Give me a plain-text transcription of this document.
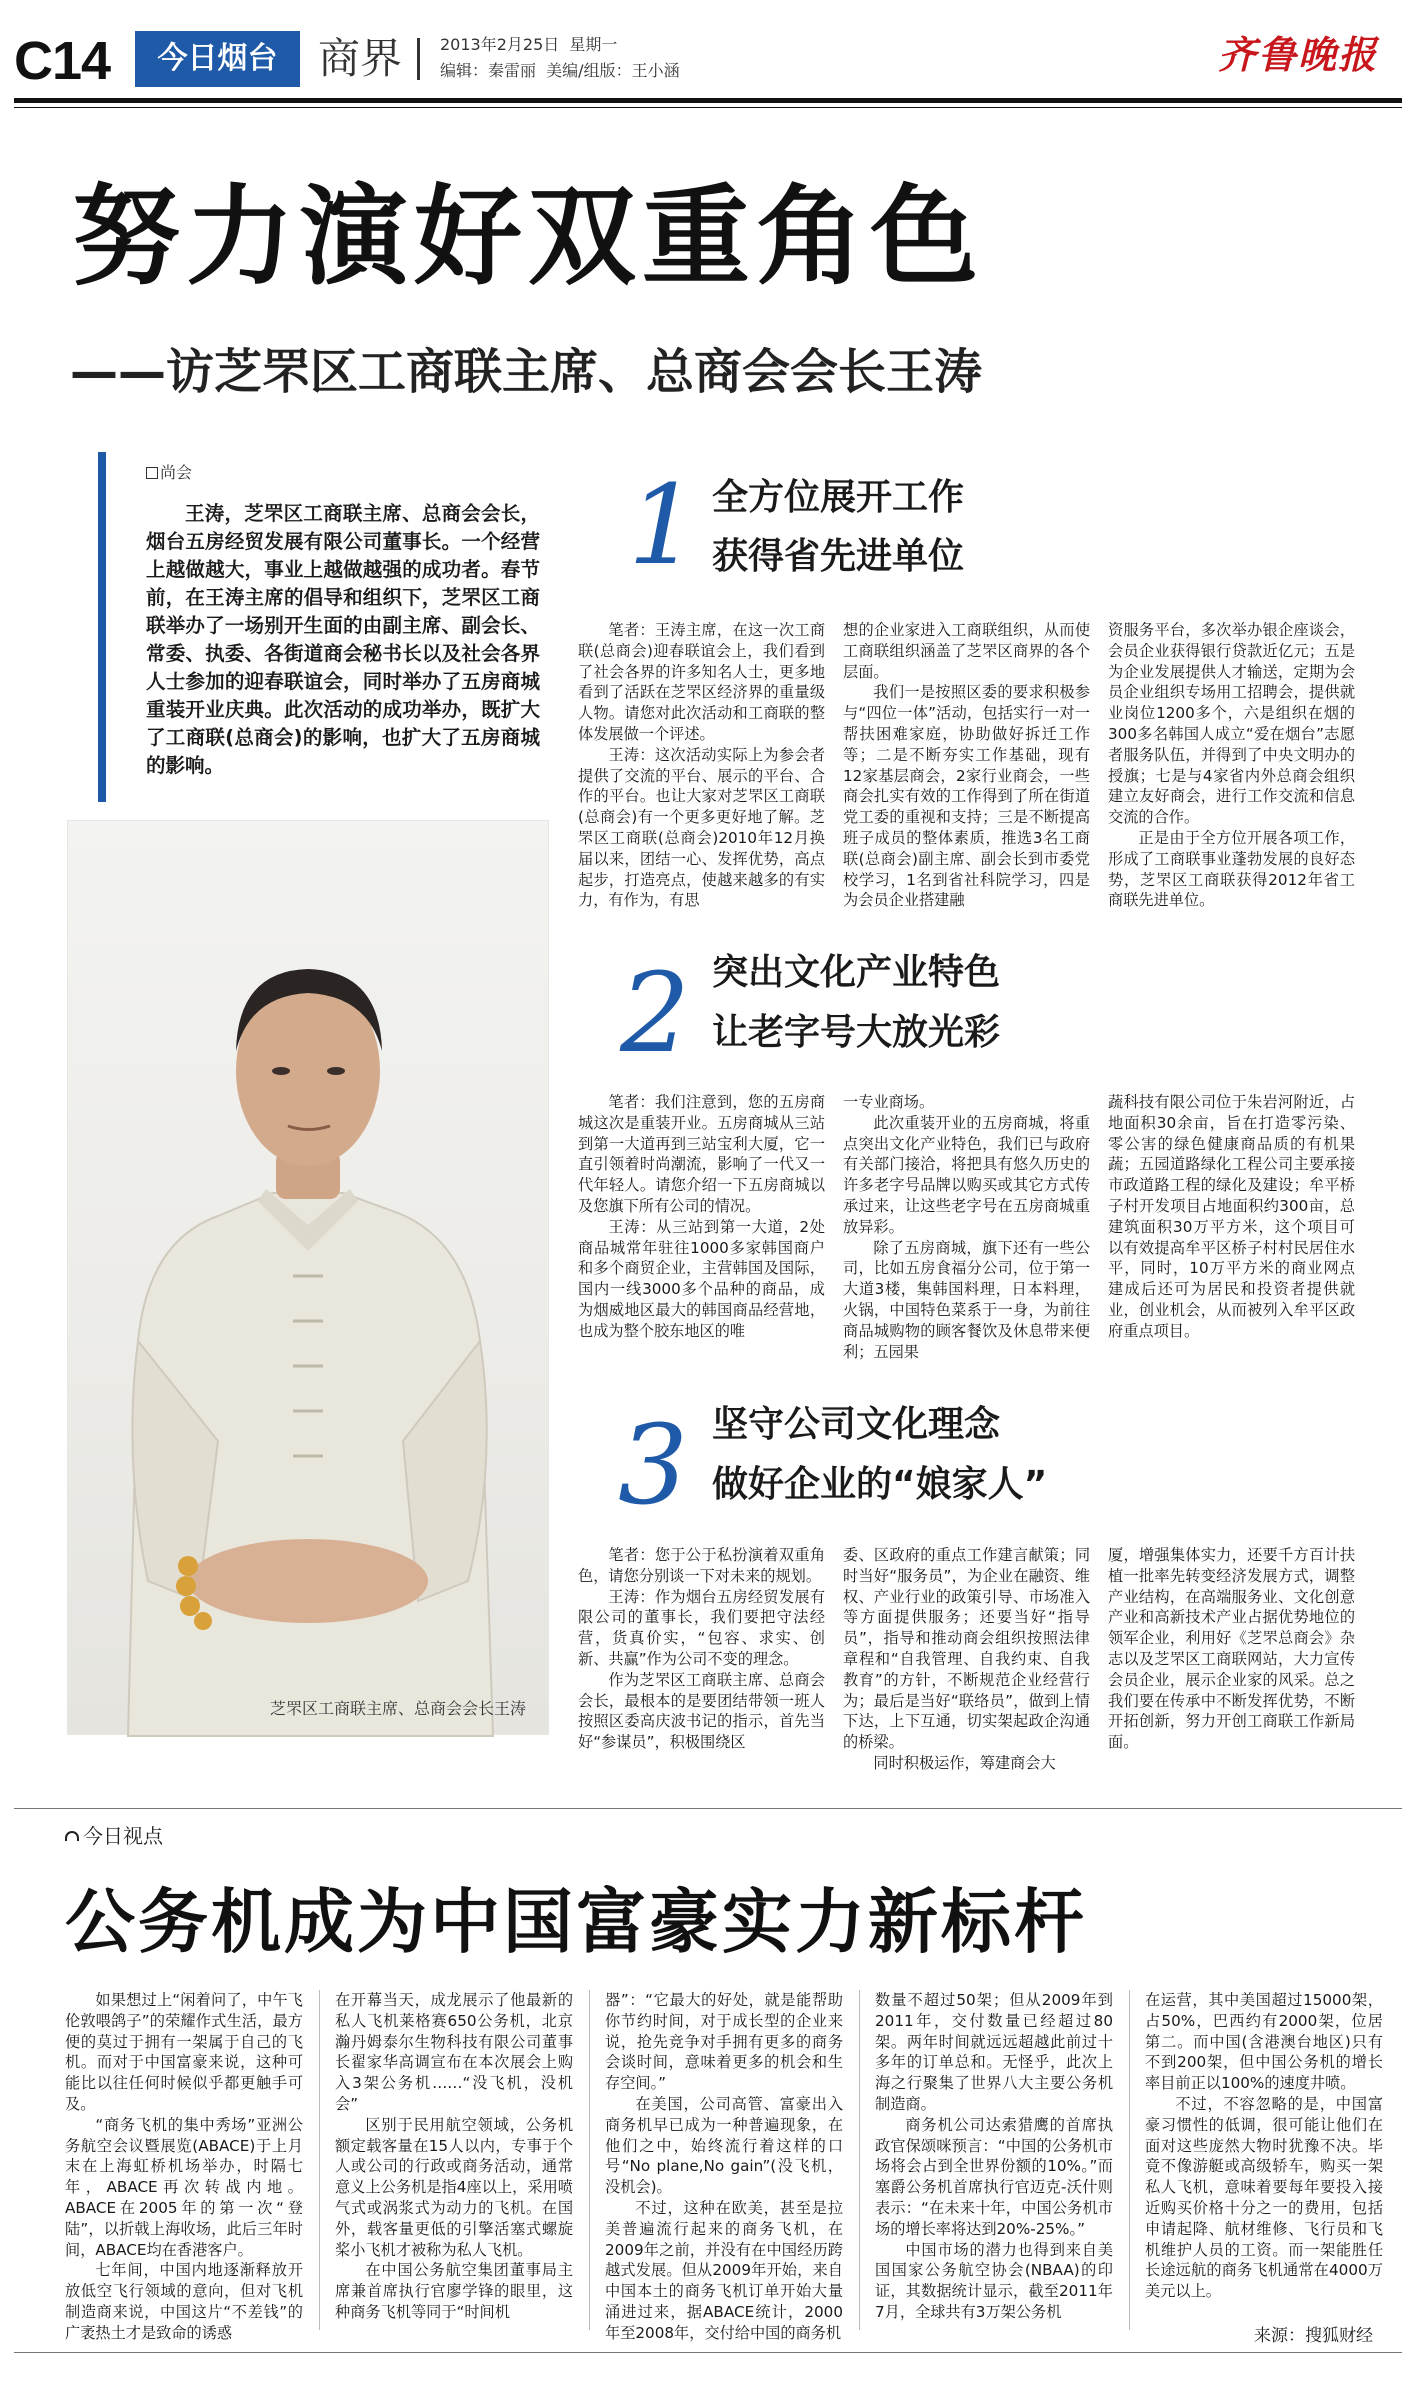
C14	今日烟台 商界 2013年2月25日  星期一
编辑：秦雷丽  美编/组版：王小涵	齐鲁晚报
努力演好双重角色
——访芝罘区工商联主席、总商会会长王涛
尚会

王涛，芝罘区工商联主席、总商会会长，烟台五房经贸发展有限公司董事长。一个经营上越做越大，事业上越做越强的成功者。春节前，在王涛主席的倡导和组织下，芝罘区工商联举办了一场别开生面的由副主席、副会长、常委、执委、各街道商会秘书长以及社会各界人士参加的迎春联谊会，同时举办了五房商城重装开业庆典。此次活动的成功举办，既扩大了工商联(总商会)的影响，也扩大了五房商城的影响。

芝罘区工商联主席、总商会会长王涛
1 全方位展开工作
获得省先进单位

笔者：王涛主席，在这一次工商联(总商会)迎春联谊会上，我们看到了社会各界的许多知名人士，更多地看到了活跃在芝罘区经济界的重量级人物。请您对此次活动和工商联的整体发展做一个评述。

王涛：这次活动实际上为参会者提供了交流的平台、展示的平台、合作的平台。也让大家对芝罘区工商联(总商会)有一个更多更好地了解。芝罘区工商联(总商会)2010年12月换届以来，团结一心、发挥优势，高点起步，打造亮点，使越来越多的有实力，有作为，有思

想的企业家进入工商联组织，从而使工商联组织涵盖了芝罘区商界的各个层面。

我们一是按照区委的要求积极参与“四位一体”活动，包括实行一对一帮扶困难家庭，协助做好拆迁工作等；二是不断夯实工作基础，现有12家基层商会，2家行业商会，一些商会扎实有效的工作得到了所在街道党工委的重视和支持；三是不断提高班子成员的整体素质，推选3名工商联(总商会)副主席、副会长到市委党校学习，1名到省社科院学习，四是为会员企业搭建融

资服务平台，多次举办银企座谈会，会员企业获得银行贷款近亿元；五是为企业发展提供人才输送，定期为会员企业组织专场用工招聘会，提供就业岗位1200多个，六是组织在烟的300多名韩国人成立“爱在烟台”志愿者服务队伍，并得到了中央文明办的授旗；七是与4家省内外总商会组织建立友好商会，进行工作交流和信息交流的合作。

正是由于全方位开展各项工作，形成了工商联事业蓬勃发展的良好态势，芝罘区工商联获得2012年省工商联先进单位。

2 突出文化产业特色
让老字号大放光彩

笔者：我们注意到，您的五房商城这次是重装开业。五房商城从三站到第一大道再到三站宝利大厦，它一直引领着时尚潮流，影响了一代又一代年轻人。请您介绍一下五房商城以及您旗下所有公司的情况。

王涛：从三站到第一大道，2处商品城常年驻往1000多家韩国商户和多个商贸企业，主营韩国及国际，国内一线3000多个品种的商品，成为烟威地区最大的韩国商品经营地，也成为整个胶东地区的唯

一专业商场。

此次重装开业的五房商城，将重点突出文化产业特色，我们已与政府有关部门接洽，将把具有悠久历史的许多老字号品牌以购买或其它方式传承过来，让这些老字号在五房商城重放异彩。

除了五房商城，旗下还有一些公司，比如五房食福分公司，位于第一大道3楼，集韩国料理，日本料理，火锅，中国特色菜系于一身，为前往商品城购物的顾客餐饮及休息带来便利；五园果

蔬科技有限公司位于朱岩河附近，占地面积30余亩，旨在打造零污染、零公害的绿色健康商品质的有机果蔬；五园道路绿化工程公司主要承接市政道路工程的绿化及建设；牟平桥子村开发项目占地面积约300亩，总建筑面积30万平方米，这个项目可以有效提高牟平区桥子村村民居住水平，同时，10万平方米的商业网点建成后还可为居民和投资者提供就业，创业机会，从而被列入牟平区政府重点项目。

3 坚守公司文化理念
做好企业的“娘家人”

笔者：您于公于私扮演着双重角色，请您分别谈一下对未来的规划。

王涛：作为烟台五房经贸发展有限公司的董事长，我们要把守法经营，货真价实，“包容、求实、创新、共赢”作为公司不变的理念。

作为芝罘区工商联主席、总商会会长，最根本的是要团结带领一班人按照区委高庆波书记的指示，首先当好“参谋员”，积极围绕区

委、区政府的重点工作建言献策；同时当好“服务员”，为企业在融资、维权、产业行业的政策引导、市场准入等方面提供服务；还要当好“指导员”，指导和推动商会组织按照法律章程和“自我管理、自我约束、自我教育”的方针，不断规范企业经营行为；最后是当好“联络员”，做到上情下达，上下互通，切实架起政企沟通的桥梁。

同时积极运作，筹建商会大

厦，增强集体实力，还要千方百计扶植一批率先转变经济发展方式，调整产业结构，在高端服务业、文化创意产业和高新技术产业占据优势地位的领军企业，利用好《芝罘总商会》杂志以及芝罘区工商联网站，大力宣传会员企业，展示企业家的风采。总之我们要在传承中不断发挥优势，不断开拓创新，努力开创工商联工作新局面。

今日视点
公务机成为中国富豪实力新标杆

如果想过上“闲着问了，中午飞伦敦喂鸽子”的荣耀作式生活，最方便的莫过于拥有一架属于自己的飞机。而对于中国富豪来说，这种可能比以往任何时候似乎都更触手可及。

“商务飞机的集中秀场”亚洲公务航空会议暨展览(ABACE)于上月末在上海虹桥机场举办，时隔七年，ABACE再次转战内地。ABACE在2005年的第一次“登陆”，以折戟上海收场，此后三年时间，ABACE均在香港客户。

七年间，中国内地逐渐释放开放低空飞行领域的意向，但对飞机制造商来说，中国这片“不差钱”的广袤热土才是致命的诱惑

在开幕当天，成龙展示了他最新的私人飞机莱格赛650公务机，北京瀚丹姆泰尔生物科技有限公司董事长翟家华高调宣布在本次展会上购入3架公务机……“没飞机，没机会”

区别于民用航空领域，公务机额定载客量在15人以内，专事于个人或公司的行政或商务活动，通常意义上公务机是指4座以上，采用喷气式或涡浆式为动力的飞机。在国外，载客量更低的引擎活塞式螺旋桨小飞机才被称为私人飞机。

在中国公务航空集团董事局主席兼首席执行官廖学锋的眼里，这种商务飞机等同于“时间机

器”：“它最大的好处，就是能帮助你节约时间，对于成长型的企业来说，抢先竞争对手拥有更多的商务会谈时间，意味着更多的机会和生存空间。”

在美国，公司高管、富豪出入商务机早已成为一种普遍现象，在他们之中，始终流行着这样的口号“No plane,No gain”(没飞机，没机会)。

不过，这种在欧美，甚至是拉美普遍流行起来的商务飞机，在2009年之前，并没有在中国经历跨越式发展。但从2009年开始，来自中国本土的商务飞机订单开始大量涌进过来，据ABACE统计，2000年至2008年，交付给中国的商务机

数量不超过50架；但从2009年到2011年，交付数量已经超过80架。两年时间就远远超越此前过十多年的订单总和。无怪乎，此次上海之行聚集了世界八大主要公务机制造商。

商务机公司达索猎鹰的首席执政官保颂咪预言：“中国的公务机市场将会占到全世界份额的10%。”而塞爵公务机首席执行官迈克-沃什则表示：“在未来十年，中国公务机市场的增长率将达到20%-25%。”

中国市场的潜力也得到来自美国国家公务航空协会(NBAA)的印证，其数据统计显示，截至2011年7月，全球共有3万架公务机

在运营，其中美国超过15000架，占50%，巴西约有2000架，位居第二。而中国(含港澳台地区)只有不到200架，但中国公务机的增长率目前正以100%的速度井喷。

不过，不容忽略的是，中国富豪习惯性的低调，很可能让他们在面对这些庞然大物时犹豫不决。毕竟不像游艇或高级轿车，购买一架私人飞机，意味着要每年要投入接近购买价格十分之一的费用，包括申请起降、航材维修、飞行员和飞机维护人员的工资。而一架能胜任长途远航的商务飞机通常在4000万美元以上。

来源：搜狐财经
